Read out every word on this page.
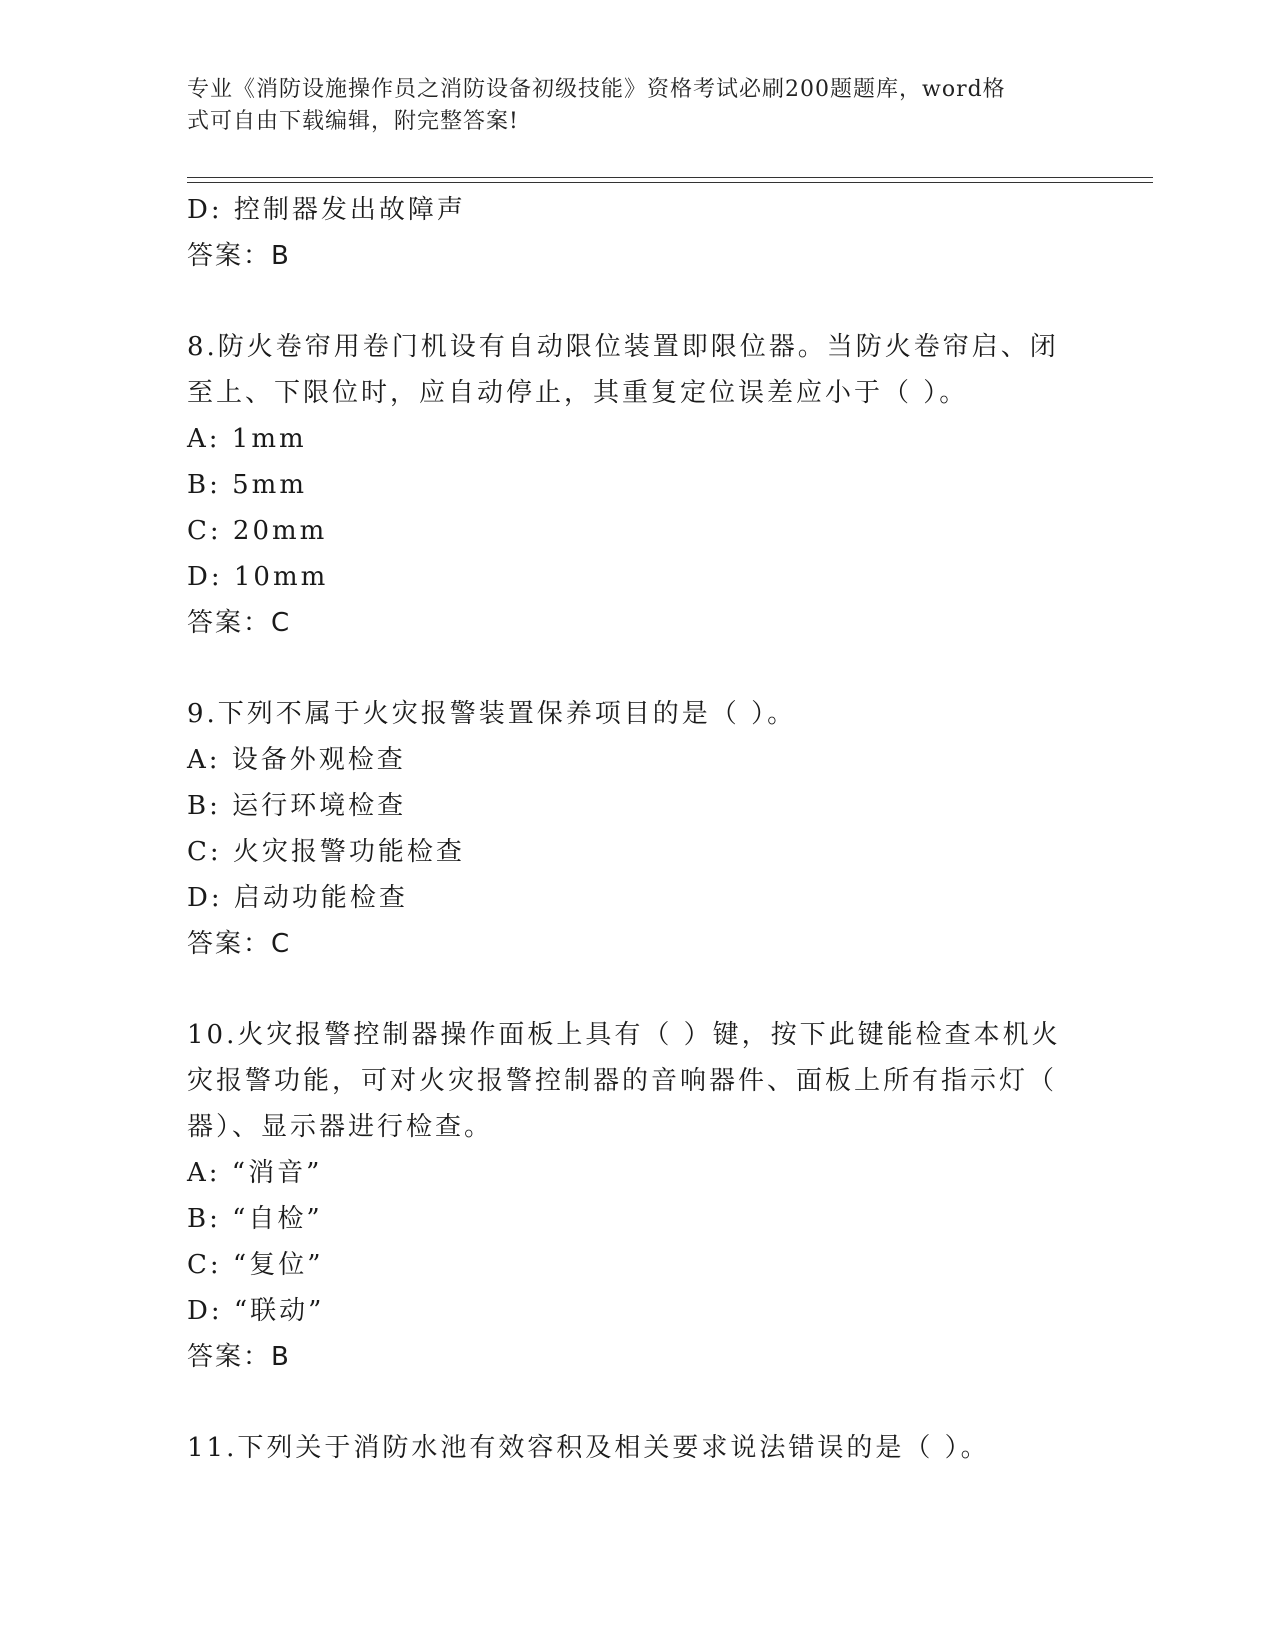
专业《消防设施操作员之消防设备初级技能》资格考试必刷200题题库，word格
式可自由下载编辑，附完整答案!
D: 控制器发出故障声
答案：B
8.防火卷帘用卷门机设有自动限位装置即限位器。当防火卷帘启、闭
至上、下限位时，应自动停止，其重复定位误差应小于（ ）。
A: 1mm
B: 5mm
C: 20mm
D: 10mm
答案：C
9.下列不属于火灾报警装置保养项目的是（ ）。
A: 设备外观检查
B: 运行环境检查
C: 火灾报警功能检查
D: 启动功能检查
答案：C
10.火灾报警控制器操作面板上具有（ ）键，按下此键能检查本机火
灾报警功能，可对火灾报警控制器的音响器件、面板上所有指示灯（
器）、显示器进行检查。
A: “消音”
B: “自检”
C: “复位”
D: “联动”
答案：B
11.下列关于消防水池有效容积及相关要求说法错误的是（ ）。
